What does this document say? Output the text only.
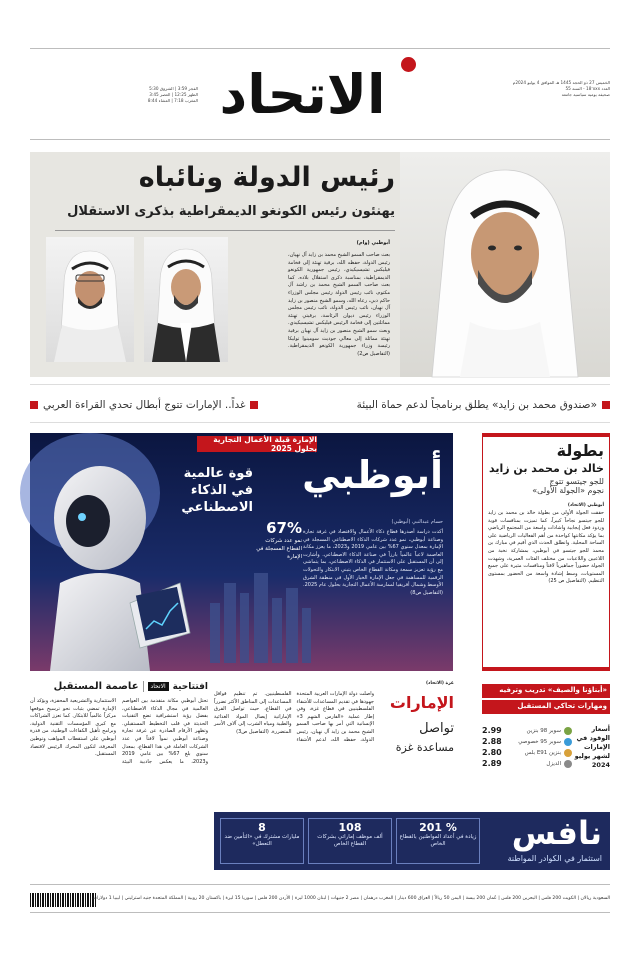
الخميس 27 ذو الحجة 1445 هـ الموافق 4 يوليو 2024م
العدد 18٬xxx - السنة 55
صحيفة يومية سياسية جامعة
الاتحاد
الفجر 3:59 | الشروق 5:30
الظهر 12:25 | العصر 3:45
المغرب 7:18 | العشاء 8:44
رئيس الدولة ونائباه
يهنئون رئيس الكونغو الديمقراطية بذكرى الاستقلال
أبوظبي (وام)
بعث صاحب السمو الشيخ محمد بن زايد آل نهيان، رئيس الدولة، حفظه الله، برقية تهنئة إلى فخامة فيليكس تشيسيكيدي، رئيس جمهورية الكونغو الديمقراطية، بمناسبة ذكرى استقلال بلاده. كما بعث صاحب السمو الشيخ محمد بن راشد آل مكتوم، نائب رئيس الدولة رئيس مجلس الوزراء حاكم دبي، رعاه الله، وسمو الشيخ منصور بن زايد آل نهيان، نائب رئيس الدولة، نائب رئيس مجلس الوزراء رئيس ديوان الرئاسة، برقيتي تهنئة مماثلتين إلى فخامة الرئيس فيليكس تشيسيكيدي. وبعث سمو الشيخ منصور بن زايد آل نهيان برقية تهنئة مماثلة إلى معالي جوديث سومينوا توليكا رئيسة وزراء جمهورية الكونغو الديمقراطية. (التفاصيل ص2)
«صندوق محمد بن زايد» يطلق برنامجاً لدعم حماة البيئة
غداً.. الإمارات تتوج أبطال تحدي القراءة العربي
الإمارة قبلة الأعمال التجارية بحلول 2025
أبوظبي
قوة عالمية في الذكاء الاصطناعي
حسام عبدالنبي (أبوظبي)
67%
نمو عدد شركات القطاع المسجلة في الإمارة
أكدت دراسة أصدرها قطاع ذكاء الأعمال والاقتصاد في غرفة تجارة وصناعة أبوظبي، نمو عدد شركات الذكاء الاصطناعي المسجلة في الإمارة بمعدل سنوي 67% بين عامي 2019 و2023، ما يعزز مكانة العاصمة لاعباً عالمياً بارزاً في صناعة الذكاء الاصطناعي. وأشارت إلى أن المستقبل على الاستثمار في الذكاء الاصطناعي، بما يتماشى مع رؤية تعزيز سمعة ومكانة القطاع الخاص بتبني الابتكار والتحولات الرقمية للمساهمة في جعل الإمارة الخيار الأول في منطقة الشرق الأوسط وشمال أفريقيا لممارسة الأعمال التجارية بحلول عام 2025. (التفاصيل ص8)
بطولة
خالد بن محمد بن زايد
للجو جيتسو تتوج
نجوم «الجولة الأولى»
أبوظبي (الاتحاد)
حققت الجولة الأولى من بطولة خالد بن محمد بن زايد للجو جيتسو نجاحاً كبيراً، كما تميزت بمنافسات قوية وردود فعل إيجابية واشادات واسعة من المجتمع الرياضي بما يؤكد مكانتها كواحدة من أهم الفعاليات الرياضية على الساحة المحلية. وانطلق الحدث الذي أقيم في مبارك بن محمد للجو جيتسو في أبوظبي، بمشاركة نخبة من اللاعبين واللاعبات من مختلف الفئات العمرية، وشهدت الجولة حضوراً جماهيرياً لافتاً ومنافسات مثيرة على جميع المستويات، وسط إشادة واسعة من الحضور بمستوى التنظيم. (التفاصيل ص 25)
افتتاحية
الاتحاد
عاصمة المستقبل
تحتل أبوظبي مكانة متقدمة بين العواصم العالمية في مجال الذكاء الاصطناعي، بفضل رؤية استشرافية تضع التقنيات الحديثة في قلب التخطيط المستقبلي. وتظهر الأرقام الصادرة عن غرفة تجارة وصناعة أبوظبي نمواً لافتاً في عدد الشركات العاملة في هذا القطاع، بمعدل سنوي بلغ 67% بين عامي 2019 و2023، ما يعكس جاذبية البيئة الاستثمارية والتشريعية المحفزة، ويؤكد أن الإمارة تمضي بثبات نحو ترسيخ موقعها مركزاً عالمياً للابتكار. كما تعزز الشراكات مع كبرى المؤسسات التقنية الدولية، وبرامج تأهيل الكفاءات الوطنية، من قدرة أبوظبي على استقطاب المواهب وتوطين المعرفة، لتكون المحرك الرئيس لاقتصاد المستقبل.
غزة (الاتحاد)
الإمارات
تواصل
مساعدة غزة
واصلت دولة الإمارات العربية المتحدة جهودها في تقديم المساعدات للأشقاء الفلسطينيين في قطاع غزة، وفي إطار عملية «الفارس الشهم 3» الإنسانية التي أمر بها صاحب السمو الشيخ محمد بن زايد آل نهيان، رئيس الدولة، حفظه الله، لدعم الأشقاء الفلسطينيين. تم تنظيم قوافل المساعدات إلى المناطق الأكثر تضرراً في القطاع، حيث تواصل الفرق الإماراتية إيصال المواد الغذائية والطبية ومياه الشرب إلى آلاف الأسر المتضررة. (التفاصيل ص3)
«أبناؤنا والصيف» تدريب وترفيه
ومهارات تحاكي المستقبل
أسعار الوقود في الإمارات لشهر يوليو 2024
2.99	سوبر 98 بنزين
2.88	سوبر 95 خصوصي
2.80	بنزين E91 بلس
2.89	الديزل
نافس
استثمار في الكوادر المواطنة
% 201
زيادة في أعداد المواطنين بالقطاع الخاص
108
ألف موظف إماراتي بشركات القطاع الخاص
8
مليارات مشترك في «التأمين ضد التعطل»
السعودية ريالان | الكويت 200 فلس | البحرين 200 فلس | عُمان 200 بيسة | اليمن 50 ريالاً | العراق 600 دينار | المغرب درهمان | مصر 2 جنيهات | لبنان 1000 ليرة | الأردن 200 فلس | سوريا 15 ليرة | باكستان 20 روبية | المملكة المتحدة جنيه استرليني | ليبيا 1 دولارات
